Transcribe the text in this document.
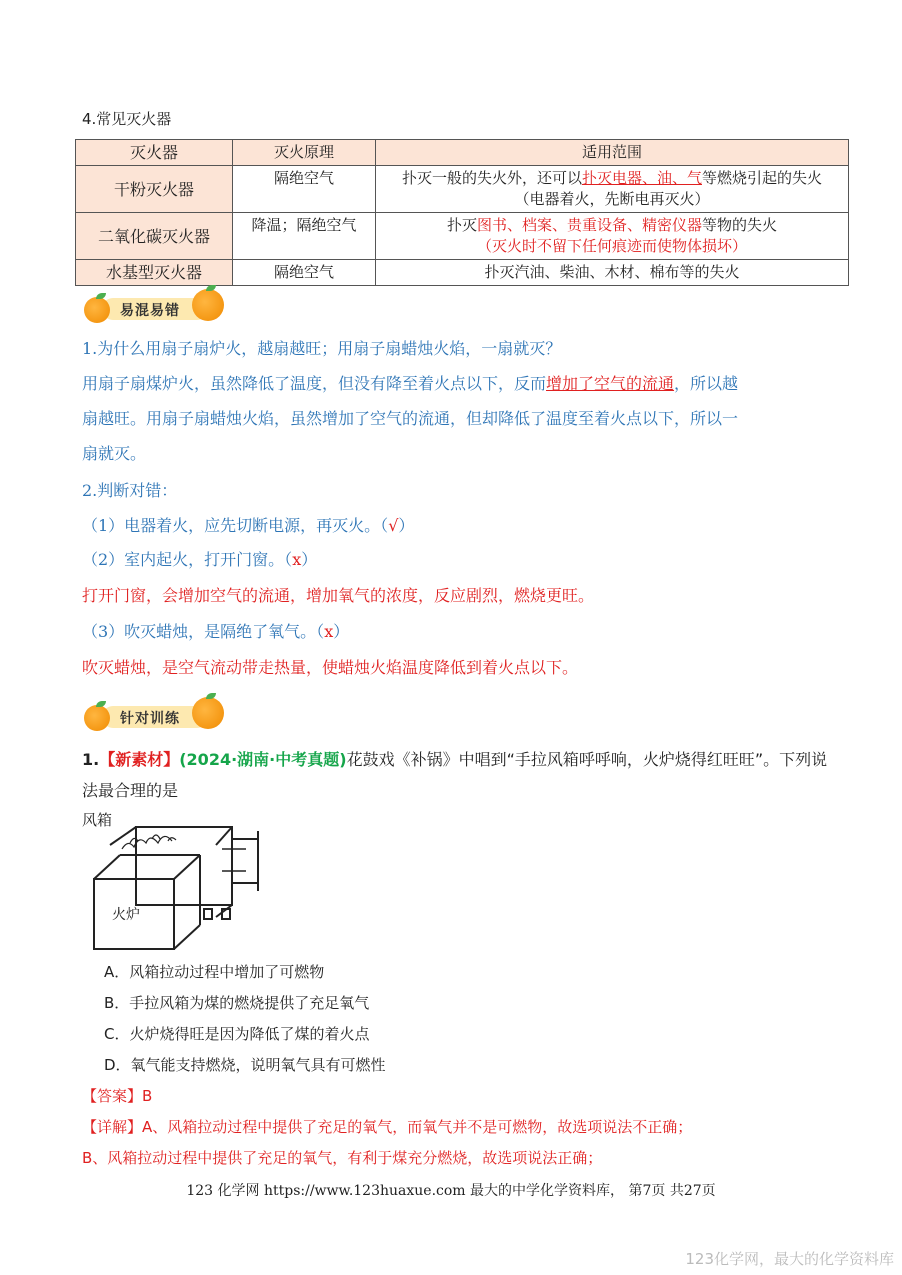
4.常见灭火器
灭火器	灭火原理	适用范围
干粉灭火器	隔绝空气	扑灭一般的失火外，还可以扑灭电器、油、气等燃烧引起的失火
（电器着火，先断电再灭火）
二氧化碳灭火器	降温；隔绝空气	扑灭图书、档案、贵重设备、精密仪器等物的失火
（灭火时不留下任何痕迹而使物体损坏）
水基型灭火器	隔绝空气	扑灭汽油、柴油、木材、棉布等的失火
易混易错
1.为什么用扇子扇炉火，越扇越旺；用扇子扇蜡烛火焰，一扇就灭？
用扇子扇煤炉火，虽然降低了温度，但没有降至着火点以下，反而增加了空气的流通，所以越
扇越旺。用扇子扇蜡烛火焰，虽然增加了空气的流通，但却降低了温度至着火点以下，所以一
扇就灭。
2.判断对错：
（1）电器着火，应先切断电源，再灭火。（√）
（2）室内起火，打开门窗。（x）
打开门窗，会增加空气的流通，增加氧气的浓度，反应剧烈，燃烧更旺。
（3）吹灭蜡烛，是隔绝了氧气。（x）
吹灭蜡烛，是空气流动带走热量，使蜡烛火焰温度降低到着火点以下。
针对训练
1.【新素材】(2024·湖南·中考真题)花鼓戏《补锅》中唱到“手拉风箱呼呼响，火炉烧得红旺旺”。下列说
法最合理的是
风箱
火炉
A．风箱拉动过程中增加了可燃物
B．手拉风箱为煤的燃烧提供了充足氧气
C．火炉烧得旺是因为降低了煤的着火点
D．氧气能支持燃烧，说明氧气具有可燃性
【答案】B
【详解】A、风箱拉动过程中提供了充足的氧气，而氧气并不是可燃物，故选项说法不正确；
B、风箱拉动过程中提供了充足的氧气，有利于煤充分燃烧，故选项说法正确；
123 化学网 https://www.123huaxue.com 最大的中学化学资料库， 第7页 共27页
123化学网，最大的化学资料库
